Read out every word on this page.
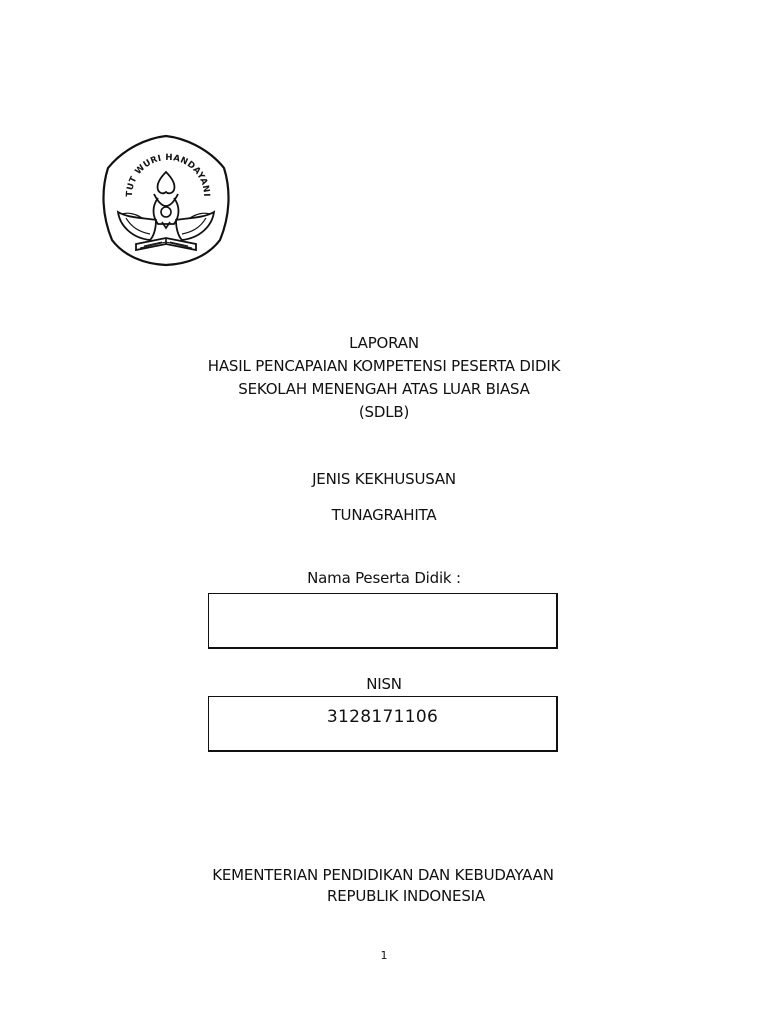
TUT WURI HANDAYANI
LAPORAN
HASIL PENCAPAIAN KOMPETENSI PESERTA DIDIK
SEKOLAH MENENGAH ATAS LUAR BIASA
(SDLB)
JENIS KEKHUSUSAN
TUNAGRAHITA
Nama Peserta Didik :
NISN
3128171106
KEMENTERIAN PENDIDIKAN DAN KEBUDAYAAN
REPUBLIK INDONESIA
1
